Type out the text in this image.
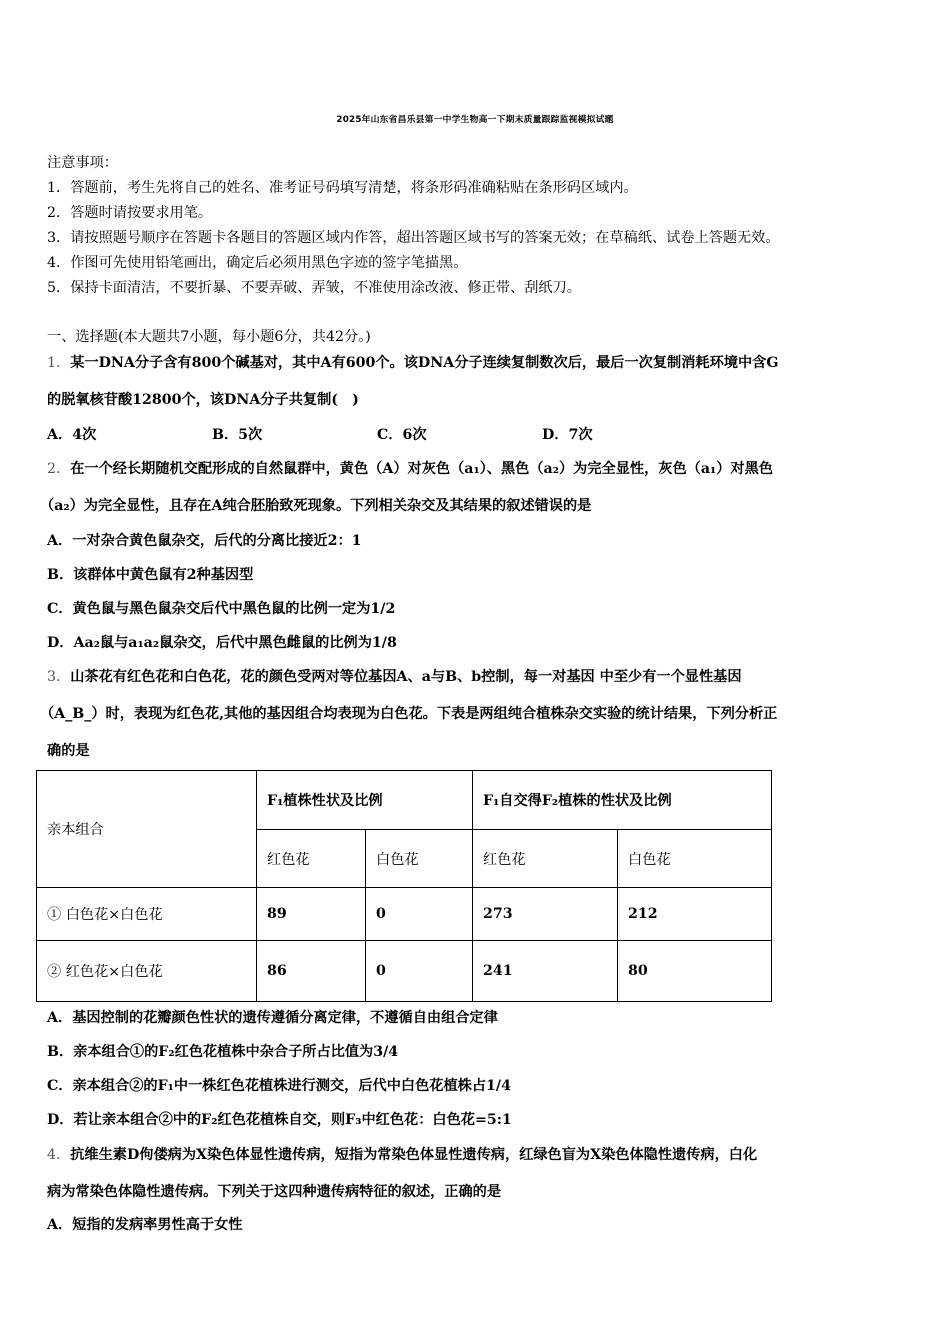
2025年山东省昌乐县第一中学生物高一下期末质量跟踪监视模拟试题
注意事项：
1．答题前，考生先将自己的姓名、准考证号码填写清楚，将条形码准确粘贴在条形码区域内。
2．答题时请按要求用笔。
3．请按照题号顺序在答题卡各题目的答题区域内作答，超出答题区域书写的答案无效；在草稿纸、试卷上答题无效。
4．作图可先使用铅笔画出，确定后必须用黑色字迹的签字笔描黑。
5．保持卡面清洁，不要折暴、不要弄破、弄皱，不准使用涂改液、修正带、刮纸刀。
一、选择题(本大题共7小题，每小题6分，共42分。)
1．某一DNA分子含有800个碱基对，其中A有600个。该DNA分子连续复制数次后，最后一次复制消耗环境中含G
的脱氧核苷酸12800个，该DNA分子共复制(　)
A．4次	B．5次	C．6次	D．7次
2．在一个经长期随机交配形成的自然鼠群中，黄色（A）对灰色（a₁）、黑色（a₂）为完全显性，灰色（a₁）对黑色
（a₂）为完全显性，且存在A纯合胚胎致死现象。下列相关杂交及其结果的叙述错误的是
A．一对杂合黄色鼠杂交，后代的分离比接近2：1
B．该群体中黄色鼠有2种基因型
C．黄色鼠与黑色鼠杂交后代中黑色鼠的比例一定为1/2
D．Aa₂鼠与a₁a₂鼠杂交，后代中黑色雌鼠的比例为1/8
3．山茶花有红色花和白色花，花的颜色受两对等位基因A、a与B、b控制，每一对基因 中至少有一个显性基因
（A_B_）时，表现为红色花,其他的基因组合均表现为白色花。下表是两组纯合植株杂交实验的统计结果，下列分析正
确的是
亲本组合	F₁植株性状及比例		F₁自交得F₂植株的性状及比例	
	红色花	白色花	红色花	白色花
① 白色花×白色花	89	0	273	212
② 红色花×白色花	86	0	241	80
A．基因控制的花瓣颜色性状的遗传遵循分离定律，不遵循自由组合定律
B．亲本组合①的F₂红色花植株中杂合子所占比值为3/4
C．亲本组合②的F₁中一株红色花植株进行测交，后代中白色花植株占1/4
D．若让亲本组合②中的F₂红色花植株自交，则F₃中红色花：白色花=5:1
4．抗维生素D佝偻病为X染色体显性遗传病，短指为常染色体显性遗传病，红绿色盲为X染色体隐性遗传病，白化
病为常染色体隐性遗传病。下列关于这四种遗传病特征的叙述，正确的是
A．短指的发病率男性高于女性
